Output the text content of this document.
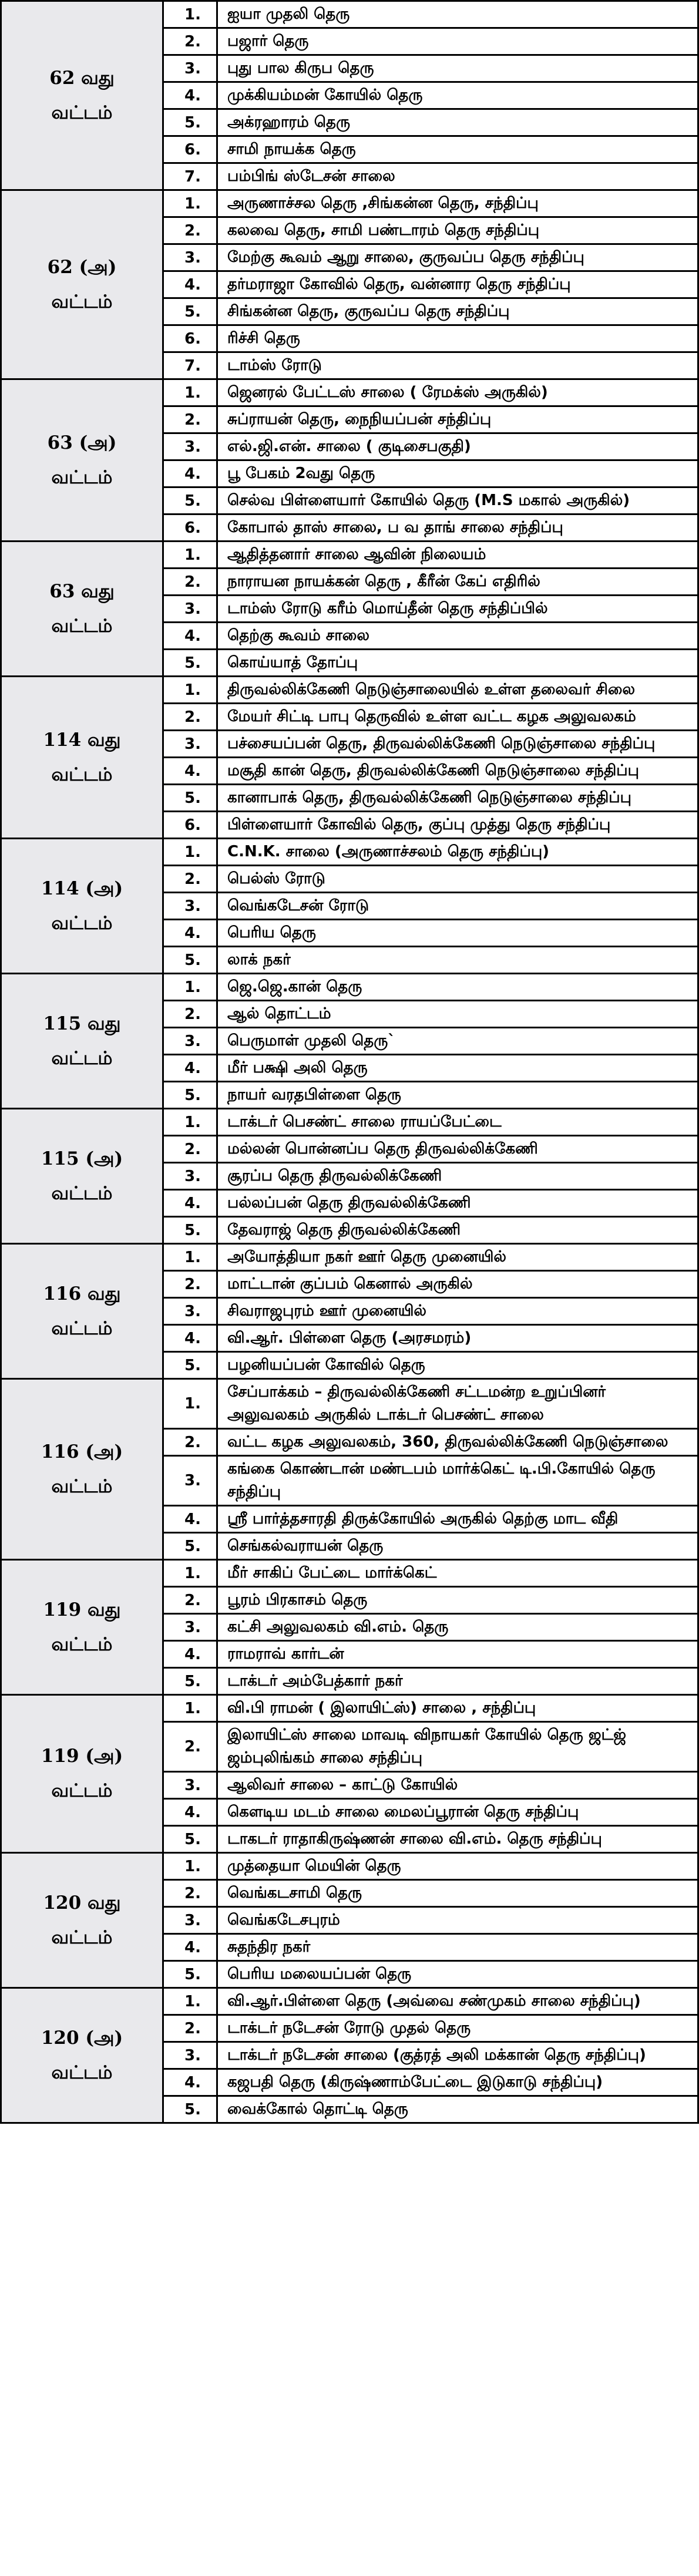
62 வது
வட்டம்	1.	ஐயா முதலி தெரு
	2.	பஜார் தெரு
	3.	புது பால கிருப தெரு
	4.	முக்கியம்மன் கோயில் தெரு
	5.	அக்ரஹாரம் தெரு
	6.	சாமி நாயக்க தெரு
	7.	பம்பிங் ஸ்டேசன் சாலை

62 (அ)
வட்டம்	1.	அருணாச்சல தெரு ,சிங்கன்ன தெரு, சந்திப்பு
	2.	கலவை தெரு, சாமி பண்டாரம் தெரு சந்திப்பு
	3.	மேற்கு கூவம் ஆறு சாலை, குருவப்ப தெரு சந்திப்பு
	4.	தர்மராஜா கோவில் தெரு, வன்னார தெரு சந்திப்பு
	5.	சிங்கன்ன தெரு, குருவப்ப தெரு சந்திப்பு
	6.	ரிச்சி தெரு
	7.	டாம்ஸ் ரோடு

63 (அ)
வட்டம்	1.	ஜெனரல் பேட்டஸ் சாலை ( ரேமக்ஸ் அருகில்)
	2.	சுப்ராயன் தெரு, நைநியப்பன் சந்திப்பு
	3.	எல்.ஜி.என். சாலை ( குடிசைபகுதி)
	4.	பூ பேகம் 2வது தெரு
	5.	செல்வ பிள்ளையார் கோயில் தெரு (M.S மகால் அருகில்)
	6.	கோபால் தாஸ் சாலை, ப வ தாங் சாலை சந்திப்பு

63 வது
வட்டம்	1.	ஆதித்தனார் சாலை ஆவின் நிலையம்
	2.	நாராயன நாயக்கன் தெரு , கீரீன் கேப் எதிரில்
	3.	டாம்ஸ் ரோடு கரீம் மொய்தீன் தெரு சந்திப்பில்
	4.	தெற்கு கூவம் சாலை
	5.	கொய்யாத் தோப்பு

114 வது
வட்டம்	1.	திருவல்லிக்கேணி நெடுஞ்சாலையில் உள்ள தலைவர் சிலை
	2.	மேயர் சிட்டி பாபு தெருவில் உள்ள வட்ட கழக அலுவலகம்
	3.	பச்சையப்பன் தெரு, திருவல்லிக்கேணி நெடுஞ்சாலை சந்திப்பு
	4.	மசூதி கான் தெரு, திருவல்லிக்கேணி நெடுஞ்சாலை சந்திப்பு
	5.	கானாபாக் தெரு, திருவல்லிக்கேணி நெடுஞ்சாலை சந்திப்பு
	6.	பிள்ளையார் கோவில் தெரு, குப்பு முத்து தெரு சந்திப்பு

114 (அ)
வட்டம்	1.	C.N.K. சாலை (அருணாச்சலம் தெரு சந்திப்பு)
	2.	பெல்ஸ் ரோடு
	3.	வெங்கடேசன் ரோடு
	4.	பெரிய தெரு
	5.	லாக் நகர்

115 வது
வட்டம்	1.	ஜெ.ஜெ.கான் தெரு
	2.	ஆல் தொட்டம்
	3.	பெருமாள் முதலி தெரு`
	4.	மீர் பக்ஷி அலி தெரு
	5.	நாயர் வரதபிள்ளை தெரு

115 (அ)
வட்டம்	1.	டாக்டர் பெசண்ட் சாலை ராயப்பேட்டை
	2.	மல்லன் பொன்னப்ப தெரு திருவல்லிக்கேணி
	3.	சூரப்ப தெரு திருவல்லிக்கேணி
	4.	பல்லப்பன் தெரு திருவல்லிக்கேணி
	5.	தேவராஜ் தெரு திருவல்லிக்கேணி

116 வது
வட்டம்	1.	அயோத்தியா நகர் ஊர் தெரு முனையில்
	2.	மாட்டான் குப்பம் கெனால் அருகில்
	3.	சிவராஜபுரம் ஊர் முனையில்
	4.	வி.ஆர். பிள்ளை தெரு (அரசமரம்)
	5.	பழனியப்பன் கோவில் தெரு

116 (அ)
வட்டம்	1.	சேப்பாக்கம் – திருவல்லிக்கேணி சட்டமன்ற உறுப்பினர் அலுவலகம் அருகில் டாக்டர் பெசண்ட் சாலை
	2.	வட்ட கழக அலுவலகம், 360, திருவல்லிக்கேணி நெடுஞ்சாலை
	3.	கங்கை கொண்டான் மண்டபம் மார்க்கெட் டி.பி.கோயில் தெரு சந்திப்பு
	4.	ஸ்ரீ பார்த்தசாரதி திருக்கோயில் அருகில் தெற்கு மாட வீதி
	5.	செங்கல்வராயன் தெரு

119 வது
வட்டம்	1.	மீர் சாகிப் பேட்டை மார்க்கெட்
	2.	பூரம் பிரகாசம் தெரு
	3.	கட்சி அலுவலகம் வி.எம். தெரு
	4.	ராமராவ் கார்டன்
	5.	டாக்டர் அம்பேத்கார் நகர்

119 (அ)
வட்டம்	1.	வி.பி ராமன் ( இலாயிட்ஸ்) சாலை , சந்திப்பு
	2.	இலாயிட்ஸ் சாலை மாவடி விநாயகர் கோயில் தெரு ஜட்ஜ் ஜம்புலிங்கம் சாலை சந்திப்பு
	3.	ஆலிவர் சாலை – காட்டு கோயில்
	4.	கெளடிய மடம் சாலை மைலப்பூரான் தெரு சந்திப்பு
	5.	டாகடர் ராதாகிருஷ்ணன் சாலை வி.எம். தெரு சந்திப்பு

120 வது
வட்டம்	1.	முத்தையா மெயின் தெரு
	2.	வெங்கடசாமி தெரு
	3.	வெங்கடேசபுரம்
	4.	சுதந்திர நகர்
	5.	பெரிய மலையப்பன் தெரு

120 (அ)
வட்டம்	1.	வி.ஆர்.பிள்ளை தெரு (அவ்வை சண்முகம் சாலை சந்திப்பு)
	2.	டாக்டர் நடேசன் ரோடு முதல் தெரு
	3.	டாக்டர் நடேசன் சாலை (குத்ரத் அலி மக்கான் தெரு சந்திப்பு)
	4.	கஜபதி தெரு (கிருஷ்ணாம்பேட்டை இடுகாடு சந்திப்பு)
	5.	வைக்கோல் தொட்டி தெரு
